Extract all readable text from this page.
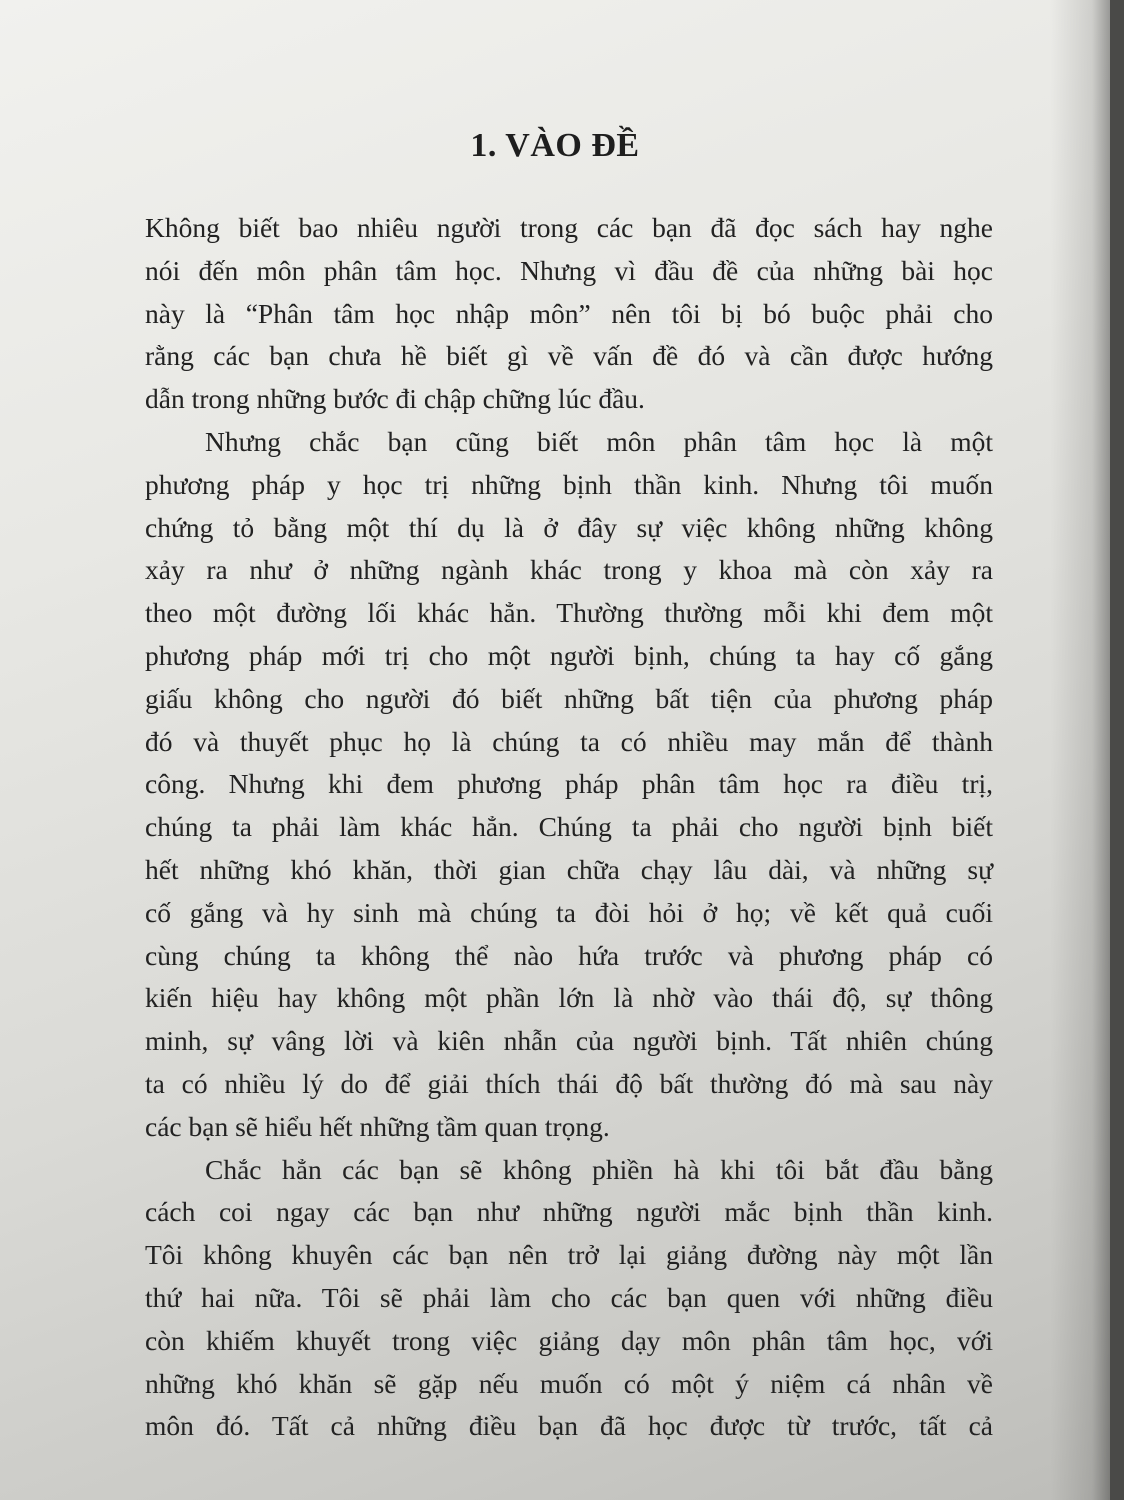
1. VÀO ĐỀ

Không biết bao nhiêu người trong các bạn đã đọc sách hay nghe
nói đến môn phân tâm học. Nhưng vì đầu đề của những bài học
này là “Phân tâm học nhập môn” nên tôi bị bó buộc phải cho
rằng các bạn chưa hề biết gì về vấn đề đó và cần được hướng
dẫn trong những bước đi chập chững lúc đầu.

Nhưng chắc bạn cũng biết môn phân tâm học là một
phương pháp y học trị những bịnh thần kinh. Nhưng tôi muốn
chứng tỏ bằng một thí dụ là ở đây sự việc không những không
xảy ra như ở những ngành khác trong y khoa mà còn xảy ra
theo một đường lối khác hẳn. Thường thường mỗi khi đem một
phương pháp mới trị cho một người bịnh, chúng ta hay cố gắng
giấu không cho người đó biết những bất tiện của phương pháp
đó và thuyết phục họ là chúng ta có nhiều may mắn để thành
công. Nhưng khi đem phương pháp phân tâm học ra điều trị,
chúng ta phải làm khác hẳn. Chúng ta phải cho người bịnh biết
hết những khó khăn, thời gian chữa chạy lâu dài, và những sự
cố gắng và hy sinh mà chúng ta đòi hỏi ở họ; về kết quả cuối
cùng chúng ta không thể nào hứa trước và phương pháp có
kiến hiệu hay không một phần lớn là nhờ vào thái độ, sự thông
minh, sự vâng lời và kiên nhẫn của người bịnh. Tất nhiên chúng
ta có nhiều lý do để giải thích thái độ bất thường đó mà sau này
các bạn sẽ hiểu hết những tầm quan trọng.

Chắc hẳn các bạn sẽ không phiền hà khi tôi bắt đầu bằng
cách coi ngay các bạn như những người mắc bịnh thần kinh.
Tôi không khuyên các bạn nên trở lại giảng đường này một lần
thứ hai nữa. Tôi sẽ phải làm cho các bạn quen với những điều
còn khiếm khuyết trong việc giảng dạy môn phân tâm học, với
những khó khăn sẽ gặp nếu muốn có một ý niệm cá nhân về
môn đó. Tất cả những điều bạn đã học được từ trước, tất cả
